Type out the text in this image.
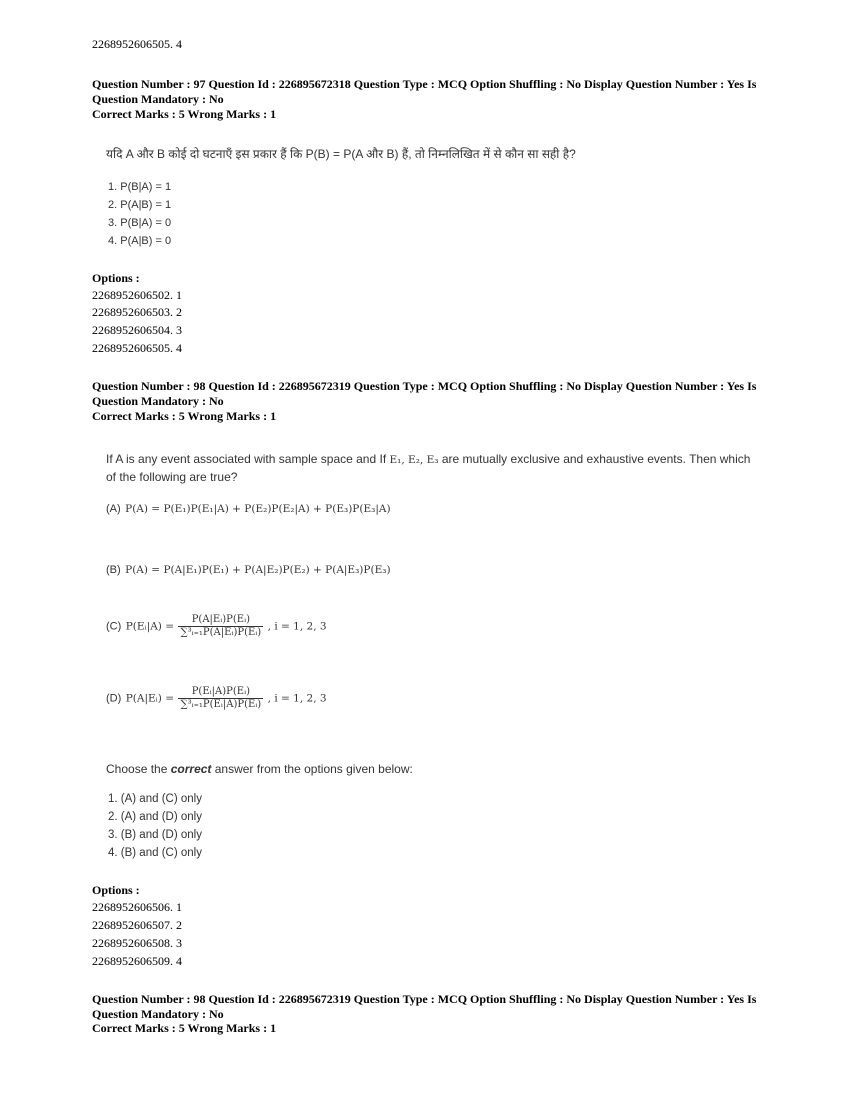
2268952606505. 4
Question Number : 97 Question Id : 226895672318 Question Type : MCQ Option Shuffling : No Display Question Number : Yes Is Question Mandatory : No
Correct Marks : 5 Wrong Marks : 1
यदि A और B कोई दो घटनाएँ इस प्रकार हैं कि P(B) = P(A और B) हैं, तो निम्नलिखित में से कौन सा सही है?
1. P(B|A) = 1
2. P(A|B) = 1
3. P(B|A) = 0
4. P(A|B) = 0
Options :
2268952606502. 1
2268952606503. 2
2268952606504. 3
2268952606505. 4
Question Number : 98 Question Id : 226895672319 Question Type : MCQ Option Shuffling : No Display Question Number : Yes Is Question Mandatory : No
Correct Marks : 5 Wrong Marks : 1
If A is any event associated with sample space and If E₁, E₂, E₃ are mutually exclusive and exhaustive events. Then which
of the following are true?
(A) P(A) = P(E₁)P(E₁|A) + P(E₂)P(E₂|A) + P(E₃)P(E₃|A)
(B) P(A) = P(A|E₁)P(E₁) + P(A|E₂)P(E₂) + P(A|E₃)P(E₃)
(C) P(Eᵢ|A) = $\frac{\text{P(A|Eᵢ)P(Eᵢ)}}{\text{∑³ᵢ₌₁P(A|Eᵢ)P(Eᵢ)}}$ , i = 1, 2, 3
(D) P(A|Eᵢ) = $\frac{\text{P(Eᵢ|A)P(Eᵢ)}}{\text{∑³ᵢ₌₁P(Eᵢ|A)P(Eᵢ)}}$ , i = 1, 2, 3
Choose the correct answer from the options given below:
1. (A) and (C) only
2. (A) and (D) only
3. (B) and (D) only
4. (B) and (C) only
Options :
2268952606506. 1
2268952606507. 2
2268952606508. 3
2268952606509. 4
Question Number : 98 Question Id : 226895672319 Question Type : MCQ Option Shuffling : No Display Question Number : Yes Is Question Mandatory : No
Correct Marks : 5 Wrong Marks : 1
